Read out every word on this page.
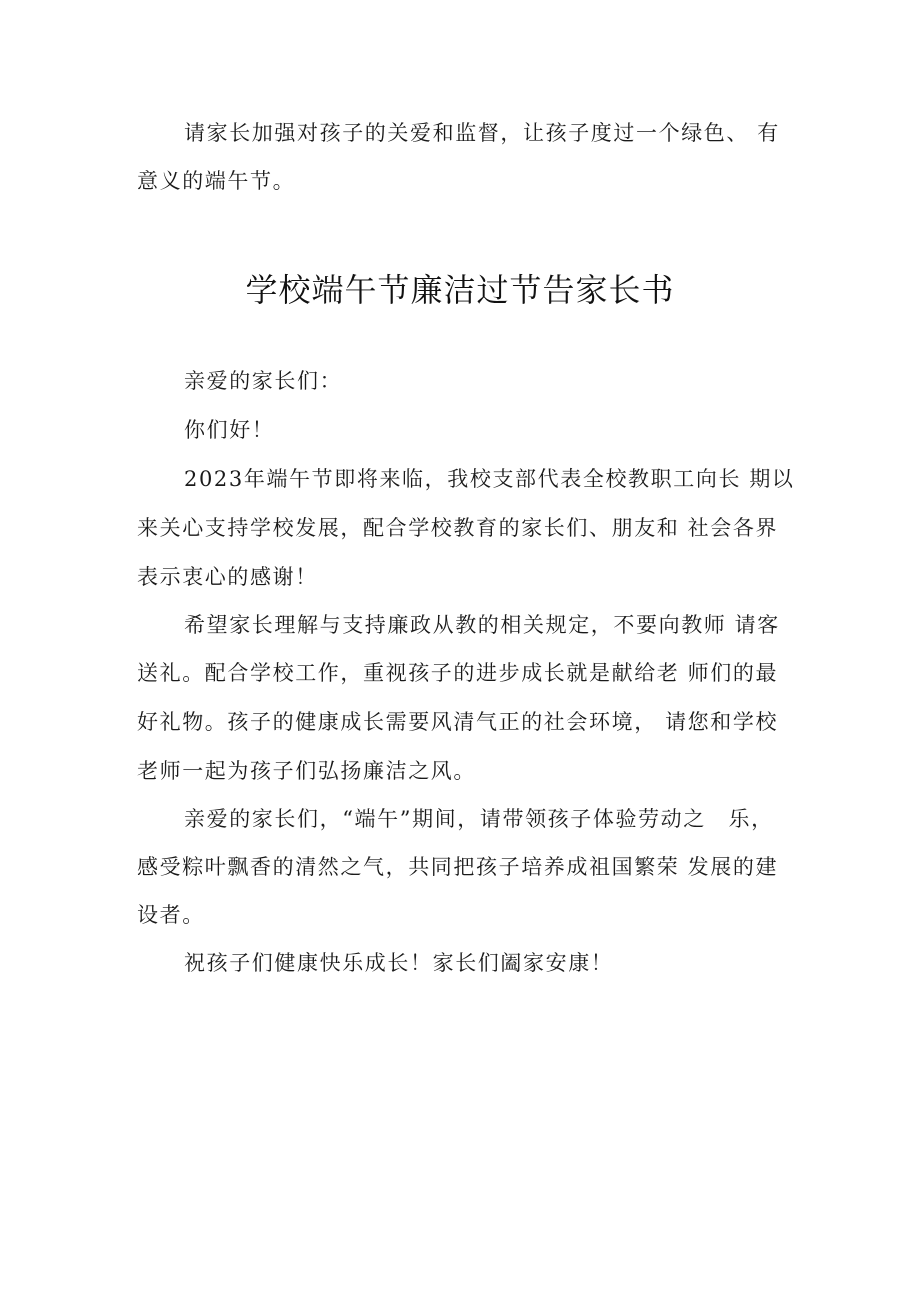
请家长加强对孩子的关爱和监督，让孩子度过一个绿色、 有
意义的端午节。
学校端午节廉洁过节告家长书
亲爱的家长们：
你们好！
2023年端午节即将来临，我校支部代表全校教职工向长 期以
来关心支持学校发展，配合学校教育的家长们、朋友和 社会各界
表示衷心的感谢！
希望家长理解与支持廉政从教的相关规定，不要向教师 请客
送礼。配合学校工作，重视孩子的进步成长就是献给老 师们的最
好礼物。孩子的健康成长需要风清气正的社会环境， 请您和学校
老师一起为孩子们弘扬廉洁之风。
亲爱的家长们，“端午”期间，请带领孩子体验劳动之　乐，
感受粽叶飘香的清然之气，共同把孩子培养成祖国繁荣 发展的建
设者。
祝孩子们健康快乐成长！家长们阖家安康！
